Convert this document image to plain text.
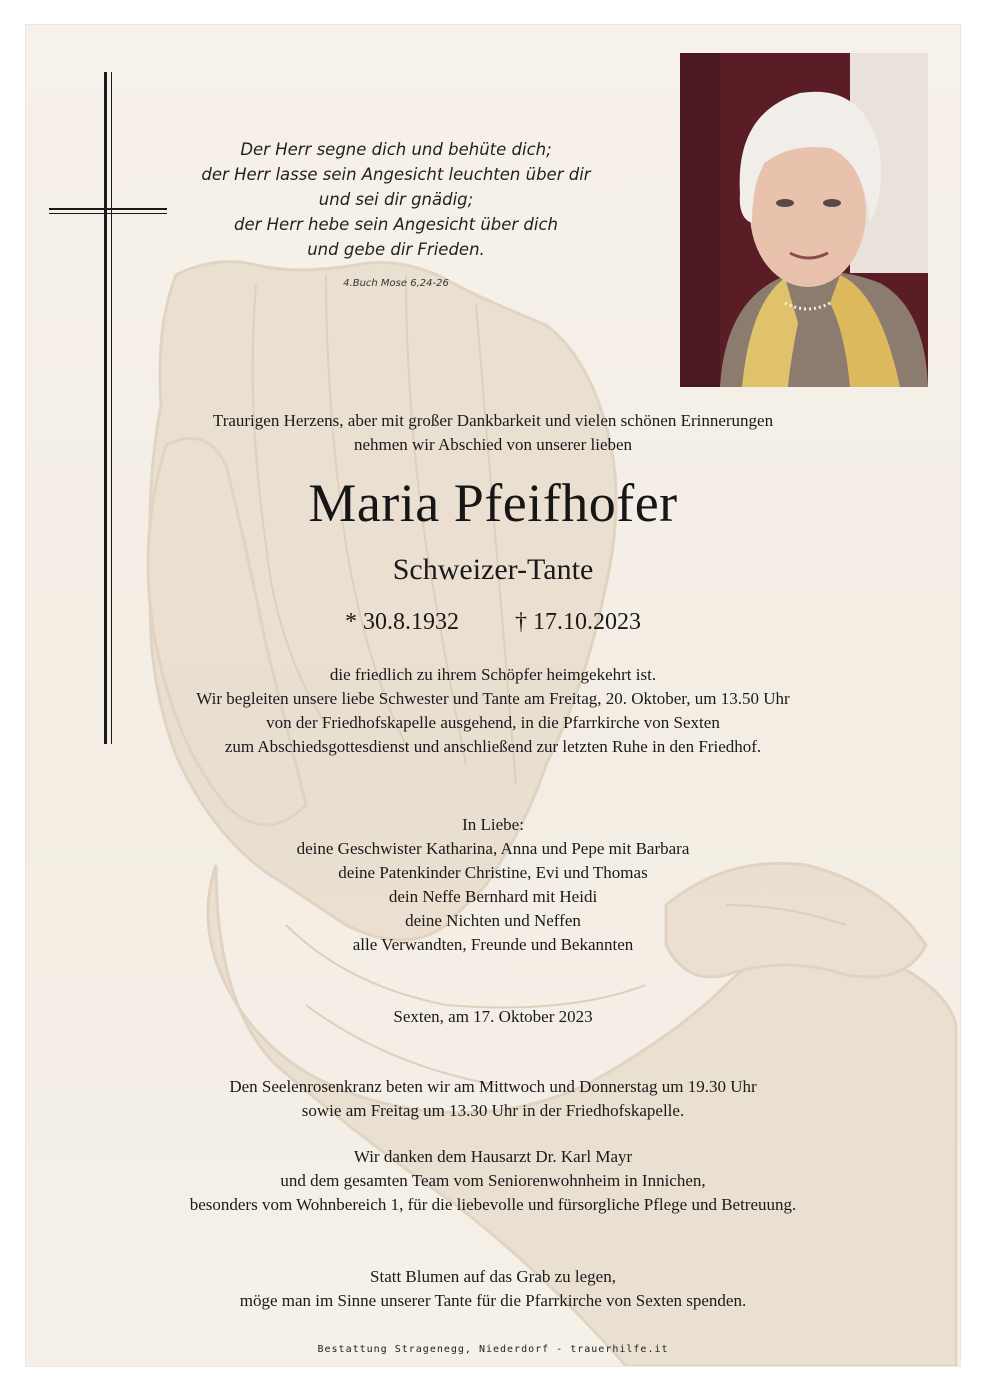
Der Herr segne dich und behüte dich;
der Herr lasse sein Angesicht leuchten über dir
und sei dir gnädig;
der Herr hebe sein Angesicht über dich
und gebe dir Frieden.
4.Buch Mose 6,24-26
Traurigen Herzens, aber mit großer Dankbarkeit und vielen schönen Erinnerungen
nehmen wir Abschied von unserer lieben
Maria Pfeifhofer
Schweizer-Tante
* 30.8.1932 † 17.10.2023
die friedlich zu ihrem Schöpfer heimgekehrt ist.
Wir begleiten unsere liebe Schwester und Tante am Freitag, 20. Oktober, um 13.50 Uhr
von der Friedhofskapelle ausgehend, in die Pfarrkirche von Sexten
zum Abschiedsgottesdienst und anschließend zur letzten Ruhe in den Friedhof.
In Liebe:
deine Geschwister Katharina, Anna und Pepe mit Barbara
deine Patenkinder Christine, Evi und Thomas
dein Neffe Bernhard mit Heidi
deine Nichten und Neffen
alle Verwandten, Freunde und Bekannten
Sexten, am 17. Oktober 2023
Den Seelenrosenkranz beten wir am Mittwoch und Donnerstag um 19.30 Uhr
sowie am Freitag um 13.30 Uhr in der Friedhofskapelle.
Wir danken dem Hausarzt Dr. Karl Mayr
und dem gesamten Team vom Seniorenwohnheim in Innichen,
besonders vom Wohnbereich 1, für die liebevolle und fürsorgliche Pflege und Betreuung.
Statt Blumen auf das Grab zu legen,
möge man im Sinne unserer Tante für die Pfarrkirche von Sexten spenden.
Bestattung Stragenegg, Niederdorf - trauerhilfe.it
